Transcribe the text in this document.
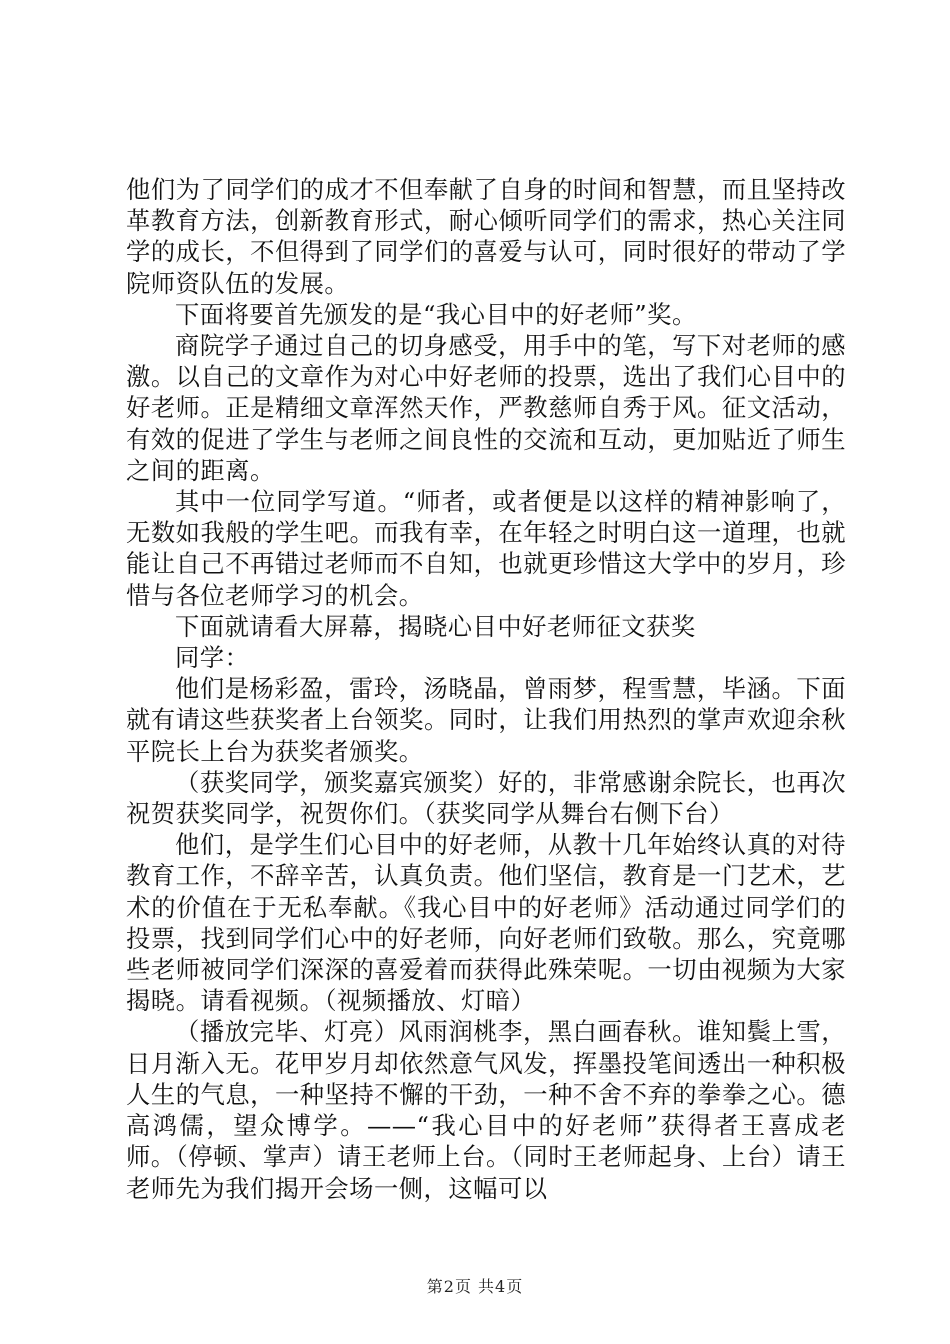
他们为了同学们的成才不但奉献了自身的时间和智慧，而且坚持改革教育方法，创新教育形式，耐心倾听同学们的需求，热心关注同学的成长，不但得到了同学们的喜爱与认可，同时很好的带动了学院师资队伍的发展。

下面将要首先颁发的是“我心目中的好老师”奖。

商院学子通过自己的切身感受，用手中的笔，写下对老师的感激。以自己的文章作为对心中好老师的投票，选出了我们心目中的好老师。正是精细文章浑然天作，严教慈师自秀于风。征文活动，有效的促进了学生与老师之间良性的交流和互动，更加贴近了师生之间的距离。

其中一位同学写道。“师者，或者便是以这样的精神影响了，无数如我般的学生吧。而我有幸，在年轻之时明白这一道理，也就能让自己不再错过老师而不自知，也就更珍惜这大学中的岁月，珍惜与各位老师学习的机会。

下面就请看大屏幕，揭晓心目中好老师征文获奖

同学：

他们是杨彩盈，雷玲，汤晓晶，曾雨梦，程雪慧，毕涵。下面就有请这些获奖者上台领奖。同时，让我们用热烈的掌声欢迎余秋平院长上台为获奖者颁奖。

（获奖同学，颁奖嘉宾颁奖）好的，非常感谢余院长，也再次祝贺获奖同学，祝贺你们。（获奖同学从舞台右侧下台）

他们，是学生们心目中的好老师，从教十几年始终认真的对待教育工作，不辞辛苦，认真负责。他们坚信，教育是一门艺术，艺术的价值在于无私奉献。《我心目中的好老师》活动通过同学们的投票，找到同学们心中的好老师，向好老师们致敬。那么，究竟哪些老师被同学们深深的喜爱着而获得此殊荣呢。一切由视频为大家揭晓。请看视频。（视频播放、灯暗）

（播放完毕、灯亮）风雨润桃李，黑白画春秋。谁知鬓上雪，日月渐入无。花甲岁月却依然意气风发，挥墨投笔间透出一种积极人生的气息，一种坚持不懈的干劲，一种不舍不弃的拳拳之心。德高鸿儒，望众博学。——“我心目中的好老师”获得者王喜成老师。（停顿、掌声）请王老师上台。（同时王老师起身、上台）请王老师先为我们揭开会场一侧，这幅可以

第2页 共4页
